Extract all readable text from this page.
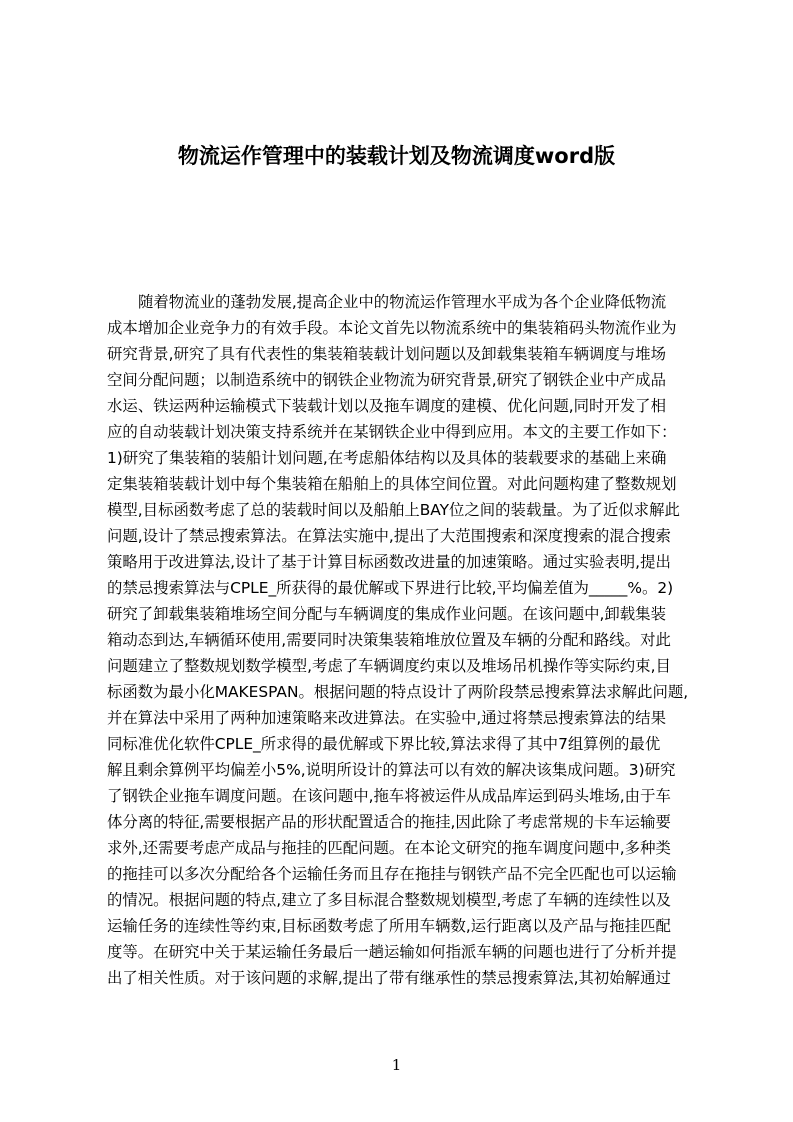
物流运作管理中的装载计划及物流调度word版
随着物流业的蓬勃发展,提高企业中的物流运作管理水平成为各个企业降低物流
成本增加企业竞争力的有效手段。本论文首先以物流系统中的集装箱码头物流作业为
研究背景,研究了具有代表性的集装箱装载计划问题以及卸载集装箱车辆调度与堆场
空间分配问题；以制造系统中的钢铁企业物流为研究背景,研究了钢铁企业中产成品
水运、铁运两种运输模式下装载计划以及拖车调度的建模、优化问题,同时开发了相
应的自动装载计划决策支持系统并在某钢铁企业中得到应用。本文的主要工作如下：
1)研究了集装箱的装船计划问题,在考虑船体结构以及具体的装载要求的基础上来确
定集装箱装载计划中每个集装箱在船舶上的具体空间位置。对此问题构建了整数规划
模型,目标函数考虑了总的装载时间以及船舶上BAY位之间的装载量。为了近似求解此
问题,设计了禁忌搜索算法。在算法实施中,提出了大范围搜索和深度搜索的混合搜索
策略用于改进算法,设计了基于计算目标函数改进量的加速策略。通过实验表明,提出
的禁忌搜索算法与CPLE_所获得的最优解或下界进行比较,平均偏差值为_____%。2)
研究了卸载集装箱堆场空间分配与车辆调度的集成作业问题。在该问题中,卸载集装
箱动态到达,车辆循环使用,需要同时决策集装箱堆放位置及车辆的分配和路线。对此
问题建立了整数规划数学模型,考虑了车辆调度约束以及堆场吊机操作等实际约束,目
标函数为最小化MAKESPAN。根据问题的特点设计了两阶段禁忌搜索算法求解此问题,
并在算法中采用了两种加速策略来改进算法。在实验中,通过将禁忌搜索算法的结果
同标准优化软件CPLE_所求得的最优解或下界比较,算法求得了其中7组算例的最优
解且剩余算例平均偏差小5%,说明所设计的算法可以有效的解决该集成问题。3)研究
了钢铁企业拖车调度问题。在该问题中,拖车将被运件从成品库运到码头堆场,由于车
体分离的特征,需要根据产品的形状配置适合的拖挂,因此除了考虑常规的卡车运输要
求外,还需要考虑产成品与拖挂的匹配问题。在本论文研究的拖车调度问题中,多种类
的拖挂可以多次分配给各个运输任务而且存在拖挂与钢铁产品不完全匹配也可以运输
的情况。根据问题的特点,建立了多目标混合整数规划模型,考虑了车辆的连续性以及
运输任务的连续性等约束,目标函数考虑了所用车辆数,运行距离以及产品与拖挂匹配
度等。在研究中关于某运输任务最后一趟运输如何指派车辆的问题也进行了分析并提
出了相关性质。对于该问题的求解,提出了带有继承性的禁忌搜索算法,其初始解通过
1
